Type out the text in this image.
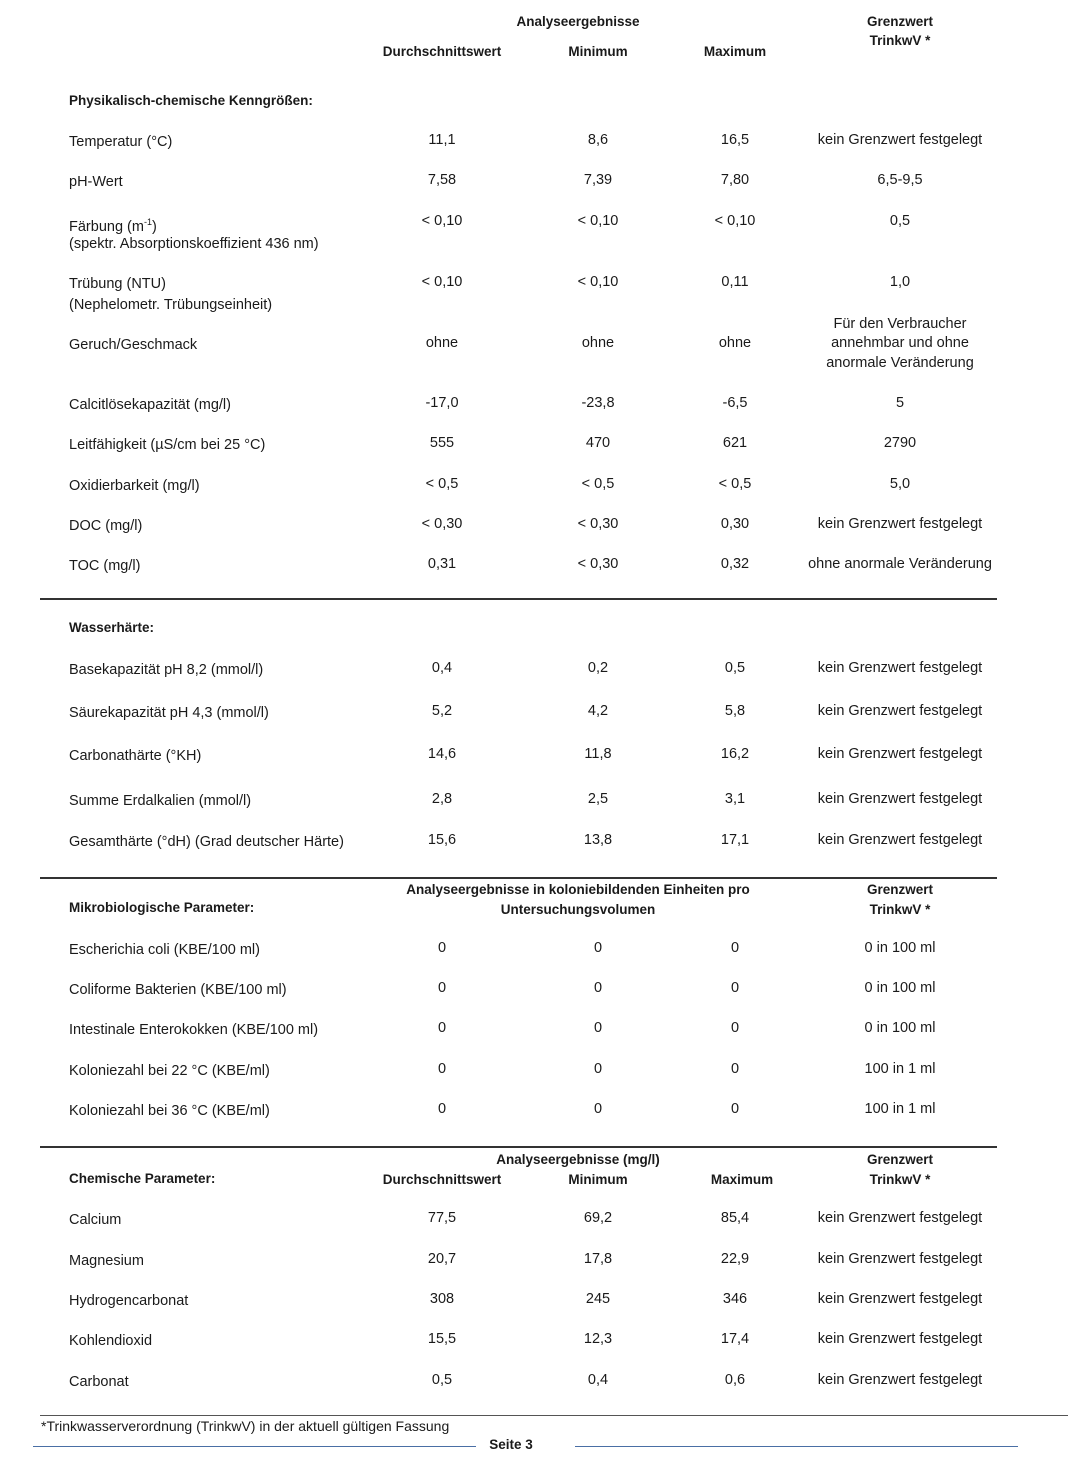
Analyseergebnisse
Durchschnittswert	Minimum	Maximum
Grenzwert
TrinkwV *
Physikalisch-chemische Kenngrößen:
Temperatur (°C)	11,1	8,6	16,5	kein Grenzwert festgelegt
pH-Wert	7,58	7,39	7,80	6,5-9,5
Färbung $(m^{-1})$
(spektr. Absorptionskoeffizient 436 nm)
< 0,10	< 0,10	< 0,10	0,5
Trübung (NTU)
(Nephelometr. Trübungseinheit)
< 0,10	< 0,10	0,11	1,0
Geruch/Geschmack	ohne	ohne	ohne
Für den Verbraucher
annehmbar und ohne
anormale Veränderung
Calcitlösekapazität (mg/l)	-17,0	-23,8	-6,5	5
Leitfähigkeit (µS/cm bei 25 °C)	555	470	621	2790
Oxidierbarkeit (mg/l)	< 0,5	< 0,5	< 0,5	5,0
DOC (mg/l)	< 0,30	< 0,30	0,30	kein Grenzwert festgelegt
TOC (mg/l)	0,31	< 0,30	0,32	ohne anormale Veränderung
Wasserhärte:
Basekapazität pH 8,2 (mmol/l)	0,4	0,2	0,5	kein Grenzwert festgelegt
Säurekapazität pH 4,3 (mmol/l)	5,2	4,2	5,8	kein Grenzwert festgelegt
Carbonathärte (°KH)	14,6	11,8	16,2	kein Grenzwert festgelegt
Summe Erdalkalien (mmol/l)	2,8	2,5	3,1	kein Grenzwert festgelegt
Gesamthärte (°dH) (Grad deutscher Härte)	15,6	13,8	17,1	kein Grenzwert festgelegt
Analyseergebnisse in koloniebildenden Einheiten pro
Untersuchungsvolumen
Grenzwert
TrinkwV *
Mikrobiologische Parameter:
Escherichia coli (KBE/100 ml)	0	0	0	0 in 100 ml
Coliforme Bakterien (KBE/100 ml)	0	0	0	0 in 100 ml
Intestinale Enterokokken (KBE/100 ml)	0	0	0	0 in 100 ml
Koloniezahl bei 22 °C (KBE/ml)	0	0	0	100 in 1 ml
Koloniezahl bei 36 °C (KBE/ml)	0	0	0	100 in 1 ml
Analyseergebnisse (mg/l)
Durchschnittswert	Minimum	Maximum
Grenzwert
TrinkwV *
Chemische Parameter:
Calcium	77,5	69,2	85,4	kein Grenzwert festgelegt
Magnesium	20,7	17,8	22,9	kein Grenzwert festgelegt
Hydrogencarbonat	308	245	346	kein Grenzwert festgelegt
Kohlendioxid	15,5	12,3	17,4	kein Grenzwert festgelegt
Carbonat	0,5	0,4	0,6	kein Grenzwert festgelegt
*Trinkwasserverordnung (TrinkwV) in der aktuell gültigen Fassung
Seite 3
